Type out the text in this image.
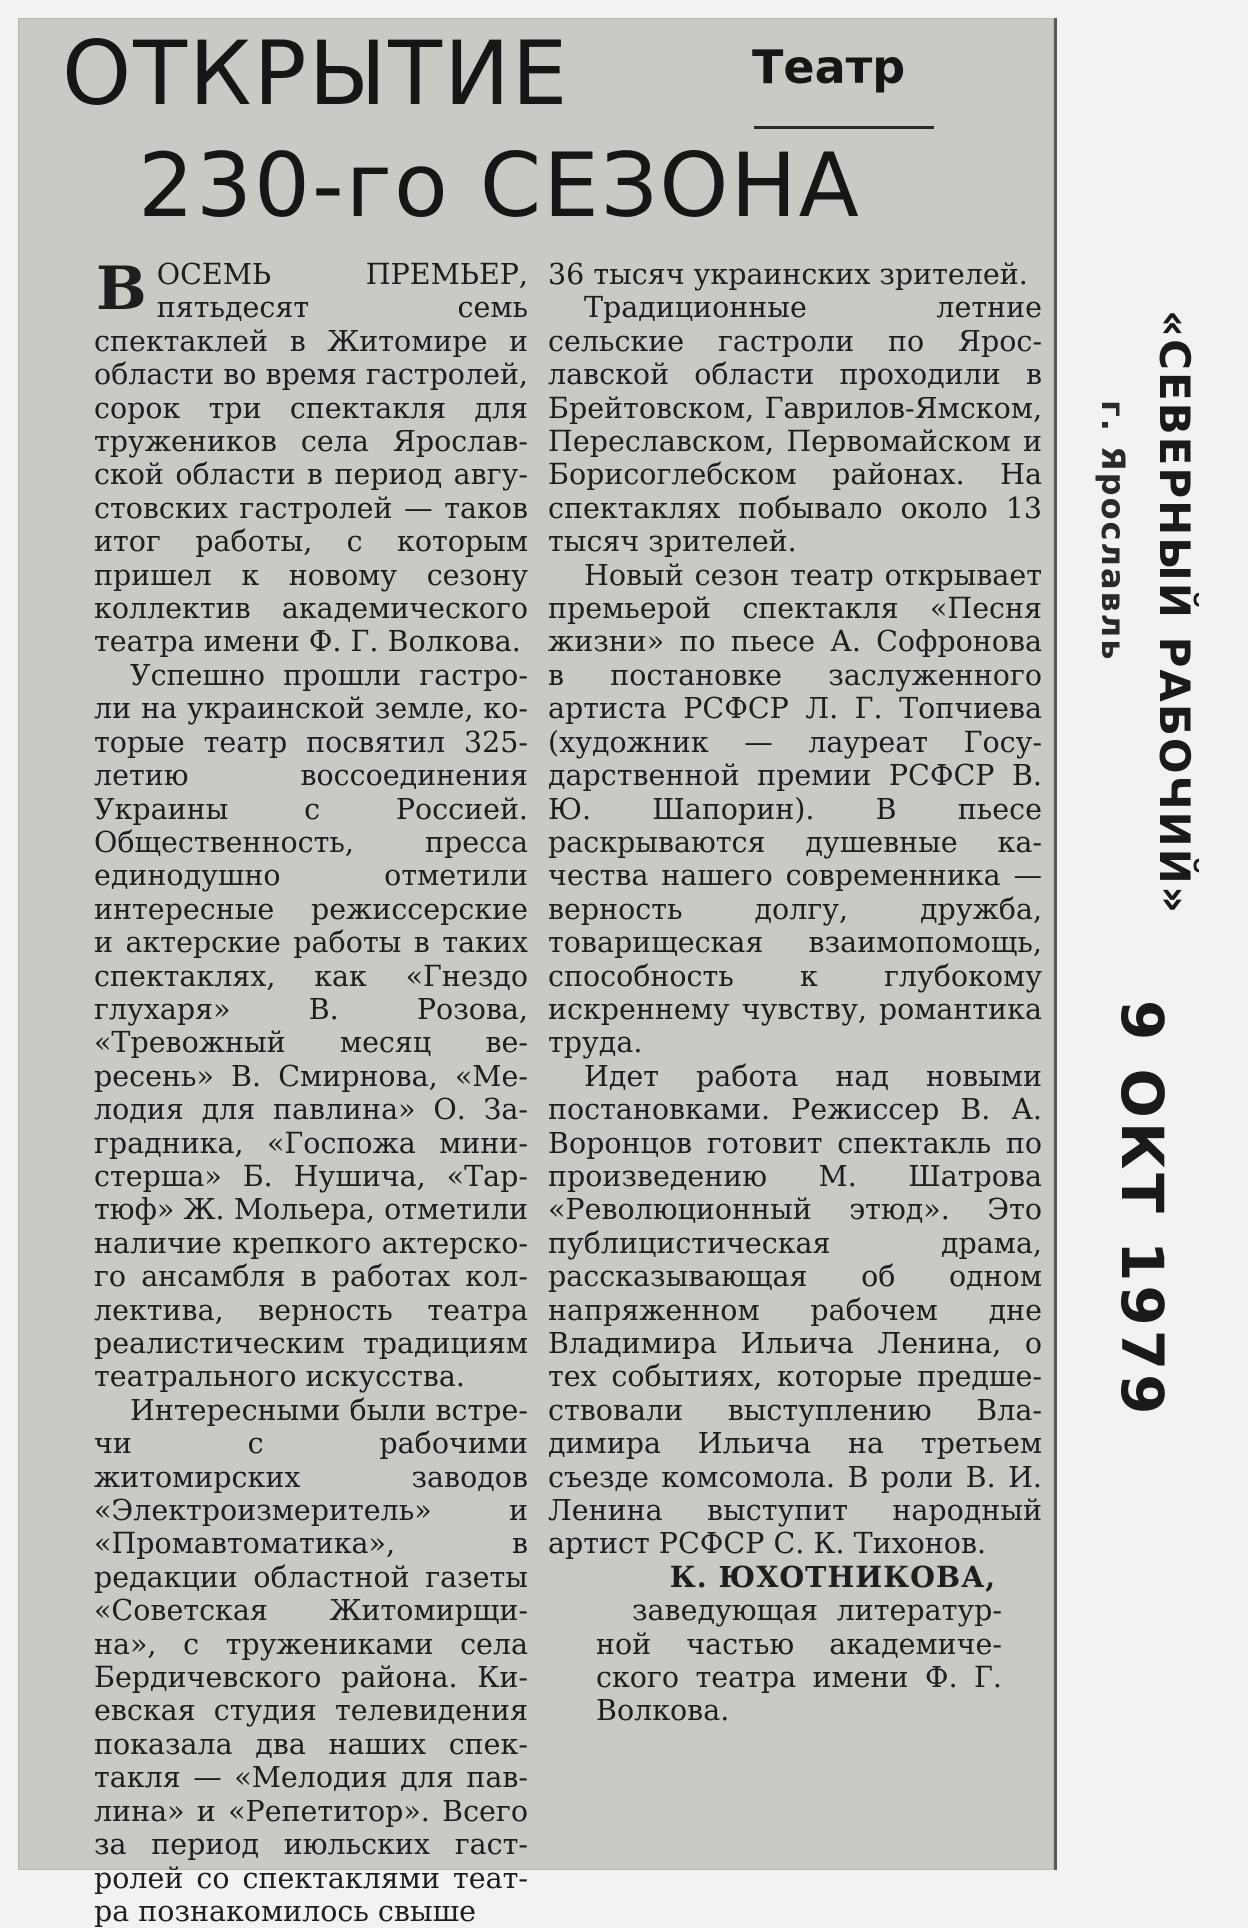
ОТКРЫТИЕ
230-го СЕЗОНА
Театр

ВОСЕМЬ ПРЕМЬЕР, пятьдесят семь спектаклей в Житомире и области во время гастролей, сорок три спектакля для тружеников села Ярославской области в период августовских гастролей — таков итог работы, с которым пришел к новому сезону коллектив академического театра имени Ф. Г. Волкова.

Успешно прошли гастроли на украинской земле, которые театр посвятил 325-летию воссоединения Украины с Россией. Общественность, пресса единодушно отметили интересные режиссерские и актерские работы в таких спектаклях, как «Гнездо глухаря» В. Розова, «Тревожный месяц вересень» В. Смирнова, «Мелодия для павлина» О. Заградника, «Госпожа министерша» Б. Нушича, «Тартюф» Ж. Мольера, отметили наличие крепкого актерского ансамбля в работах коллектива, верность театра реалистическим традициям театрального искусства.

Интересными были встречи с рабочими житомирских заводов «Электроизмеритель» и «Промавтоматика», в редакции областной газеты «Советская Житомирщина», с тружениками села Бердичевского района. Киевская студия телевидения показала два наших спектакля — «Мелодия для павлина» и «Репетитор». Всего за период июльских гастролей со спектаклями театра познакомилось свыше

36 тысяч украинских зрителей.

Традиционные летние сельские гастроли по Ярославской области проходили в Брейтовском, Гаврилов-Ямском, Переславском, Первомайском и Борисоглебском районах. На спектаклях побывало около 13 тысяч зрителей.

Новый сезон театр открывает премьерой спектакля «Песня жизни» по пьесе А. Софронова в постановке заслуженного артиста РСФСР Л. Г. Топчиева (художник — лауреат Государственной премии РСФСР В. Ю. Шапорин). В пьесе раскрываются душевные качества нашего современника — верность долгу, дружба, товарищеская взаимопомощь, способность к глубокому искреннему чувству, романтика труда.

Идет работа над новыми постановками. Режиссер В. А. Воронцов готовит спектакль по произведению М. Шатрова «Революционный этюд». Это публицистическая драма, рассказывающая об одном напряженном рабочем дне Владимира Ильича Ленина, о тех событиях, которые предшествовали выступлению Владимира Ильича на третьем съезде комсомола. В роли В. И. Ленина выступит народный артист РСФСР С. К. Тихонов.

К. ЮХОТНИКОВА,

заведующая литературной частью академического театра имени Ф. Г. Волкова.

«СЕВЕРНЫЙ РАБОЧИЙ»
г. Ярославль
9 ОКТ 1979
